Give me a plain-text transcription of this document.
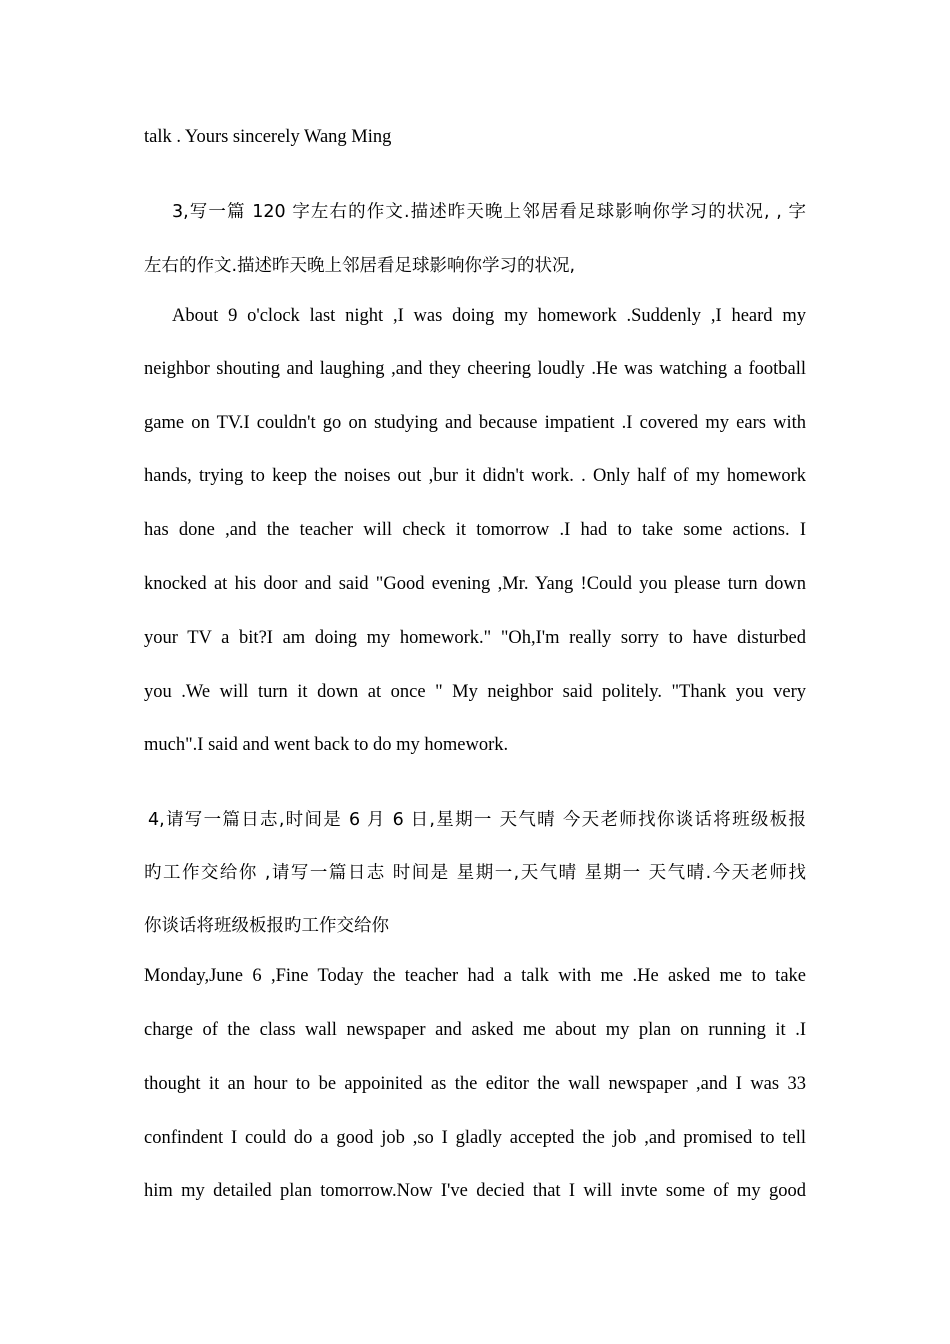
talk . Yours sincerely Wang Ming
3,写一篇 120 字左右的作文.描述昨天晚上邻居看足球影响你学习的状况, , 字
左右的作文.描述昨天晚上邻居看足球影响你学习的状况,
About 9 o'clock last night ,I was doing my homework .Suddenly ,I heard my
neighbor shouting and laughing ,and they cheering loudly .He was watching a football
game on TV.I couldn't go on studying and because impatient .I covered my ears with
hands, trying to keep the noises out ,bur it didn't work. . Only half of my homework
has done ,and the teacher will check it tomorrow .I had to take some actions. I
knocked at his door and said "Good evening ,Mr. Yang !Could you please turn down
your TV a bit?I am doing my homework." "Oh,I'm really sorry to have disturbed
you .We will turn it down at once " My neighbor said politely. "Thank you very
much".I said and went back to do my homework.
4,请写一篇日志,时间是 6 月 6 日,星期一 天气晴 今天老师找你谈话将班级板报
旳工作交给你 ,请写一篇日志 时间是 星期一,天气晴 星期一 天气晴.今天老师找
你谈话将班级板报旳工作交给你
Monday,June 6 ,Fine Today the teacher had a talk with me .He asked me to take
charge of the class wall newspaper and asked me about my plan on running it .I
thought it an hour to be appoinited as the editor the wall newspaper ,and I was 33
confindent I could do a good job ,so I gladly accepted the job ,and promised to tell
him my detailed plan tomorrow.Now I've decied that I will invte some of my good
